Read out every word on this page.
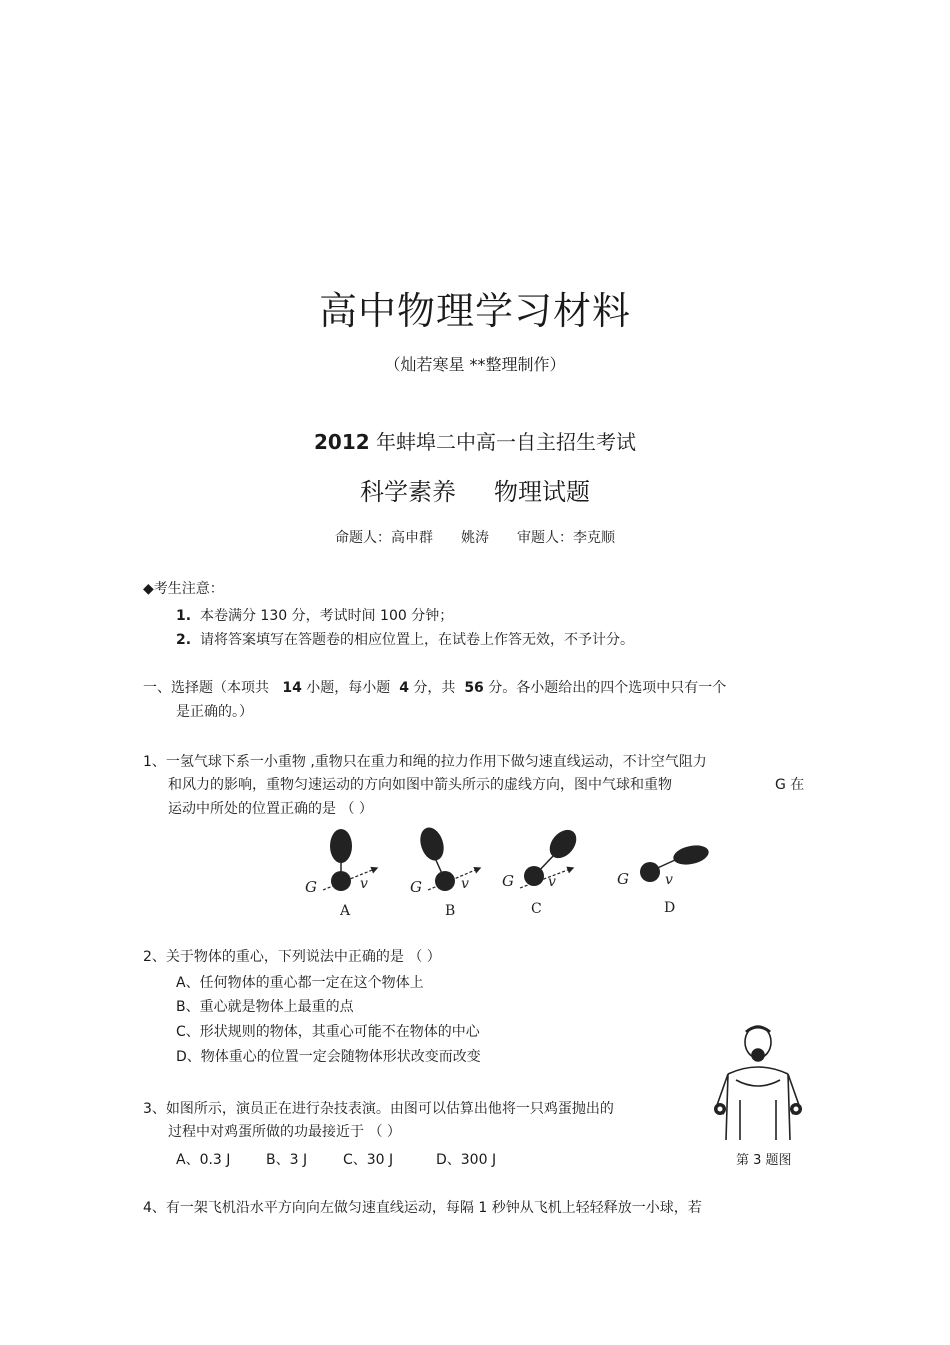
高中物理学习材料
（灿若寒星 **整理制作）
2012 年蚌埠二中高一自主招生考试
科学素养 物理试题
命题人：高申群 姚涛 审题人：李克顺
◆考生注意：
1. 本卷满分 130 分，考试时间 100 分钟；
2. 请将答案填写在答题卷的相应位置上，在试卷上作答无效，不予计分。
一、选择题（本项共 14 小题，每小题  4 分，共  56 分。各小题给出的四个选项中只有一个
是正确的。）
1、一氢气球下系一小重物 ,重物只在重力和绳的拉力作用下做匀速直线运动，不计空气阻力
和风力的影响，重物匀速运动的方向如图中箭头所示的虚线方向，图中气球和重物	G 在
运动中所处的位置正确的是 （ ）
G	v
A
G	v
B
G v
C
G	v
D
2、关于物体的重心，下列说法中正确的是 （ ）
A、任何物体的重心都一定在这个物体上
B、重心就是物体上最重的点
C、形状规则的物体，其重心可能不在物体的中心
D、物体重心的位置一定会随物体形状改变而改变
3、如图所示，演员正在进行杂技表演。由图可以估算出他将一只鸡蛋抛出的
过程中对鸡蛋所做的功最接近于 （ ）
A、0.3 J	B、3 J	C、30 J	D、300 J	第 3 题图
4、有一架飞机沿水平方向向左做匀速直线运动，每隔 1 秒钟从飞机上轻轻释放一小球，若
